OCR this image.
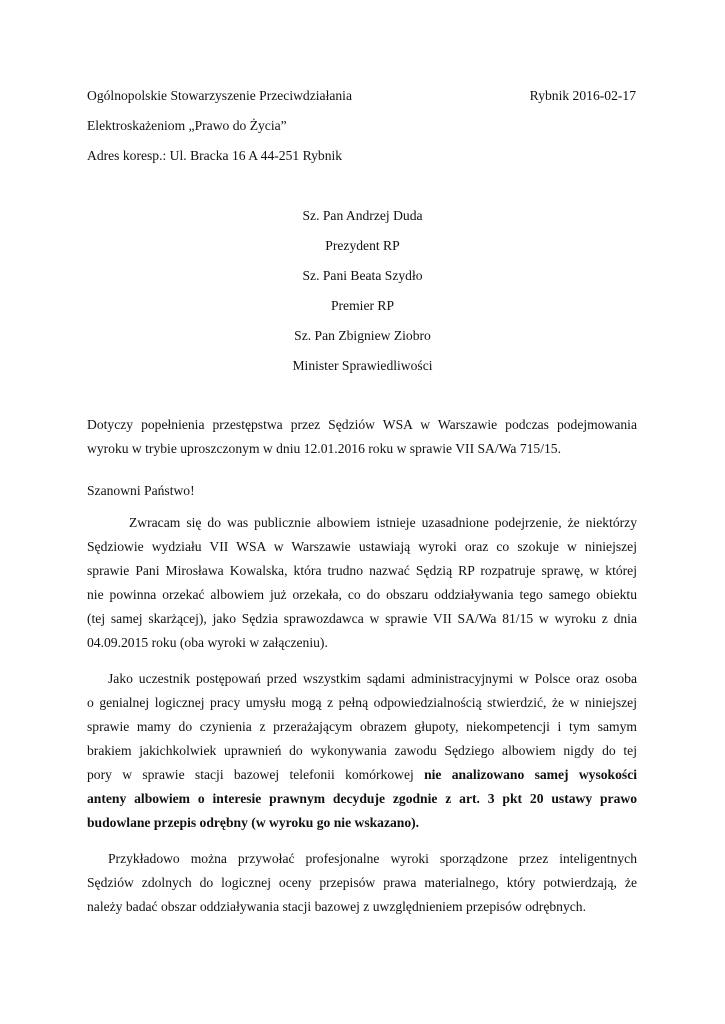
Ogólnopolskie Stowarzyszenie Przeciwdziałania	Rybnik 2016-02-17
Elektroskażeniom „Prawo do Życia”
Adres koresp.: Ul. Bracka 16 A 44-251 Rybnik
Sz. Pan Andrzej Duda
Prezydent RP
Sz. Pani Beata Szydło
Premier RP
Sz. Pan Zbigniew Ziobro
Minister Sprawiedliwości
Dotyczy popełnienia przestępstwa przez Sędziów WSA w Warszawie podczas podejmowania
wyroku w trybie uproszczonym w dniu 12.01.2016 roku w sprawie VII SA/Wa 715/15.
Szanowni Państwo!
Zwracam się do was publicznie albowiem istnieje uzasadnione podejrzenie, że niektórzy
Sędziowie wydziału VII WSA w Warszawie ustawiają wyroki oraz co szokuje w niniejszej
sprawie Pani Mirosława Kowalska, która trudno nazwać Sędzią RP rozpatruje sprawę, w której
nie powinna orzekać albowiem już orzekała, co do obszaru oddziaływania tego samego obiektu
(tej samej skarżącej), jako Sędzia sprawozdawca w sprawie VII SA/Wa 81/15 w wyroku z dnia
04.09.2015 roku (oba wyroki w załączeniu).
Jako uczestnik postępowań przed wszystkim sądami administracyjnymi w Polsce oraz osoba
o genialnej logicznej pracy umysłu mogą z pełną odpowiedzialnością stwierdzić, że w niniejszej
sprawie mamy do czynienia z przerażającym obrazem głupoty, niekompetencji i tym samym
brakiem jakichkolwiek uprawnień do wykonywania zawodu Sędziego albowiem nigdy do tej
pory w sprawie stacji bazowej telefonii komórkowej nie analizowano samej wysokości
anteny albowiem o interesie prawnym decyduje zgodnie z art. 3 pkt 20 ustawy prawo
budowlane przepis odrębny (w wyroku go nie wskazano).
Przykładowo można przywołać profesjonalne wyroki sporządzone przez inteligentnych
Sędziów zdolnych do logicznej oceny przepisów prawa materialnego, który potwierdzają, że
należy badać obszar oddziaływania stacji bazowej z uwzględnieniem przepisów odrębnych.
